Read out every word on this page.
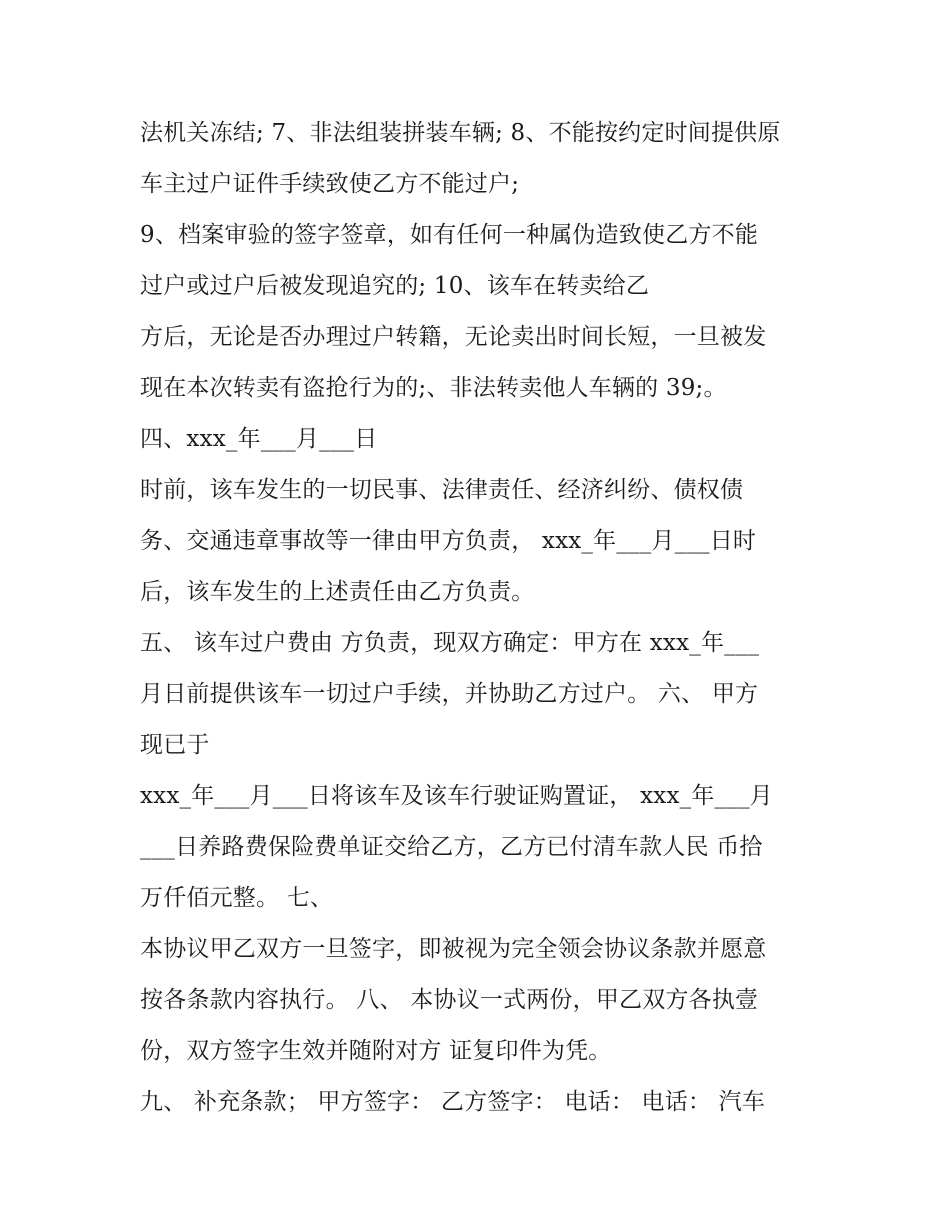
法机关冻结; 7、非法组装拼装车辆; 8、不能按约定时间提供原
车主过户证件手续致使乙方不能过户;
9、档案审验的签字签章，如有任何一种属伪造致使乙方不能
过户或过户后被发现追究的; 10、该车在转卖给乙
方后，无论是否办理过户转籍，无论卖出时间长短，一旦被发
现在本次转卖有盗抢行为的;、非法转卖他人车辆的 39;。
四、xxx_年___月___日
时前，该车发生的一切民事、法律责任、经济纠纷、债权债
务、交通违章事故等一律由甲方负责， xxx_年___月___日时
后，该车发生的上述责任由乙方负责。
五、 该车过户费由 方负责，现双方确定：甲方在 xxx_年___
月日前提供该车一切过户手续，并协助乙方过户。 六、 甲方
现已于
xxx_年___月___日将该车及该车行驶证购置证， xxx_年___月
___日养路费保险费单证交给乙方，乙方已付清车款人民 币拾
万仟佰元整。 七、
本协议甲乙双方一旦签字，即被视为完全领会协议条款并愿意
按各条款内容执行。 八、 本协议一式两份，甲乙双方各执壹
份，双方签字生效并随附对方 证复印件为凭。
九、 补充条款； 甲方签字： 乙方签字： 电话： 电话： 汽车
